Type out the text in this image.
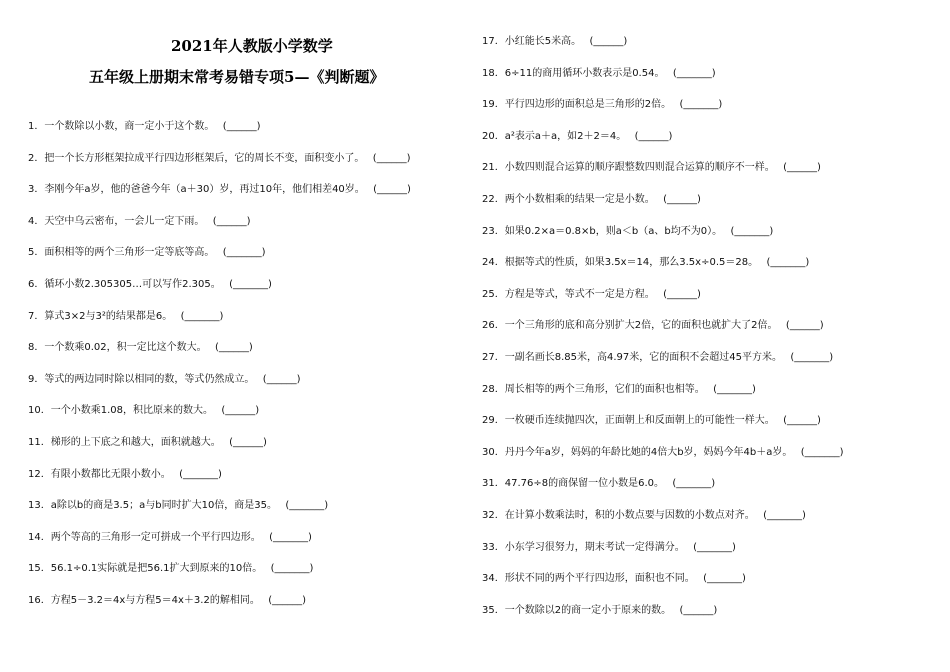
2021年人教版小学数学
五年级上册期末常考易错专项5—《判断题》
1．一个数除以小数，商一定小于这个数。 (______)
2．把一个长方形框架拉成平行四边形框架后，它的周长不变，面积变小了。 (______)
3．李刚今年a岁，他的爸爸今年（a＋30）岁，再过10年，他们相差40岁。 (______)
4．天空中乌云密布，一会儿一定下雨。 (______)
5．面积相等的两个三角形一定等底等高。 (_______)
6．循环小数2.305305…可以写作2.305。 (_______)
7．算式3×2与3²的结果都是6。 (_______)
8．一个数乘0.02，积一定比这个数大。 (______)
9．等式的两边同时除以相同的数，等式仍然成立。 (______)
10．一个小数乘1.08，积比原来的数大。 (______)
11．梯形的上下底之和越大，面积就越大。 (______)
12．有限小数都比无限小数小。 (_______)
13．a除以b的商是3.5；a与b同时扩大10倍，商是35。 (_______)
14．两个等高的三角形一定可拼成一个平行四边形。 (_______)
15．56.1÷0.1实际就是把56.1扩大到原来的10倍。 (_______)
16．方程5－3.2＝4x与方程5＝4x＋3.2的解相同。 (______)
17．小红能长5米高。 (______)
18．6÷11的商用循环小数表示是0.54。 (_______)
19．平行四边形的面积总是三角形的2倍。 (_______)
20．a²表示a＋a，如2＋2＝4。 (______)
21．小数四则混合运算的顺序跟整数四则混合运算的顺序不一样。 (______)
22．两个小数相乘的结果一定是小数。 (______)
23．如果0.2×a＝0.8×b，则a＜b（a、b均不为0）。 (_______)
24．根据等式的性质，如果3.5x＝14，那么3.5x÷0.5＝28。 (_______)
25．方程是等式，等式不一定是方程。 (______)
26．一个三角形的底和高分别扩大2倍，它的面积也就扩大了2倍。 (______)
27．一副名画长8.85米，高4.97米，它的面积不会超过45平方米。 (_______)
28．周长相等的两个三角形，它们的面积也相等。 (_______)
29．一枚硬币连续抛四次，正面朝上和反面朝上的可能性一样大。 (______)
30．丹丹今年a岁，妈妈的年龄比她的4倍大b岁，妈妈今年4b＋a岁。 (_______)
31．47.76÷8的商保留一位小数是6.0。 (_______)
32．在计算小数乘法时，积的小数点要与因数的小数点对齐。 (_______)
33．小东学习很努力，期末考试一定得满分。 (_______)
34．形状不同的两个平行四边形，面积也不同。 (_______)
35．一个数除以2的商一定小于原来的数。 (______)
